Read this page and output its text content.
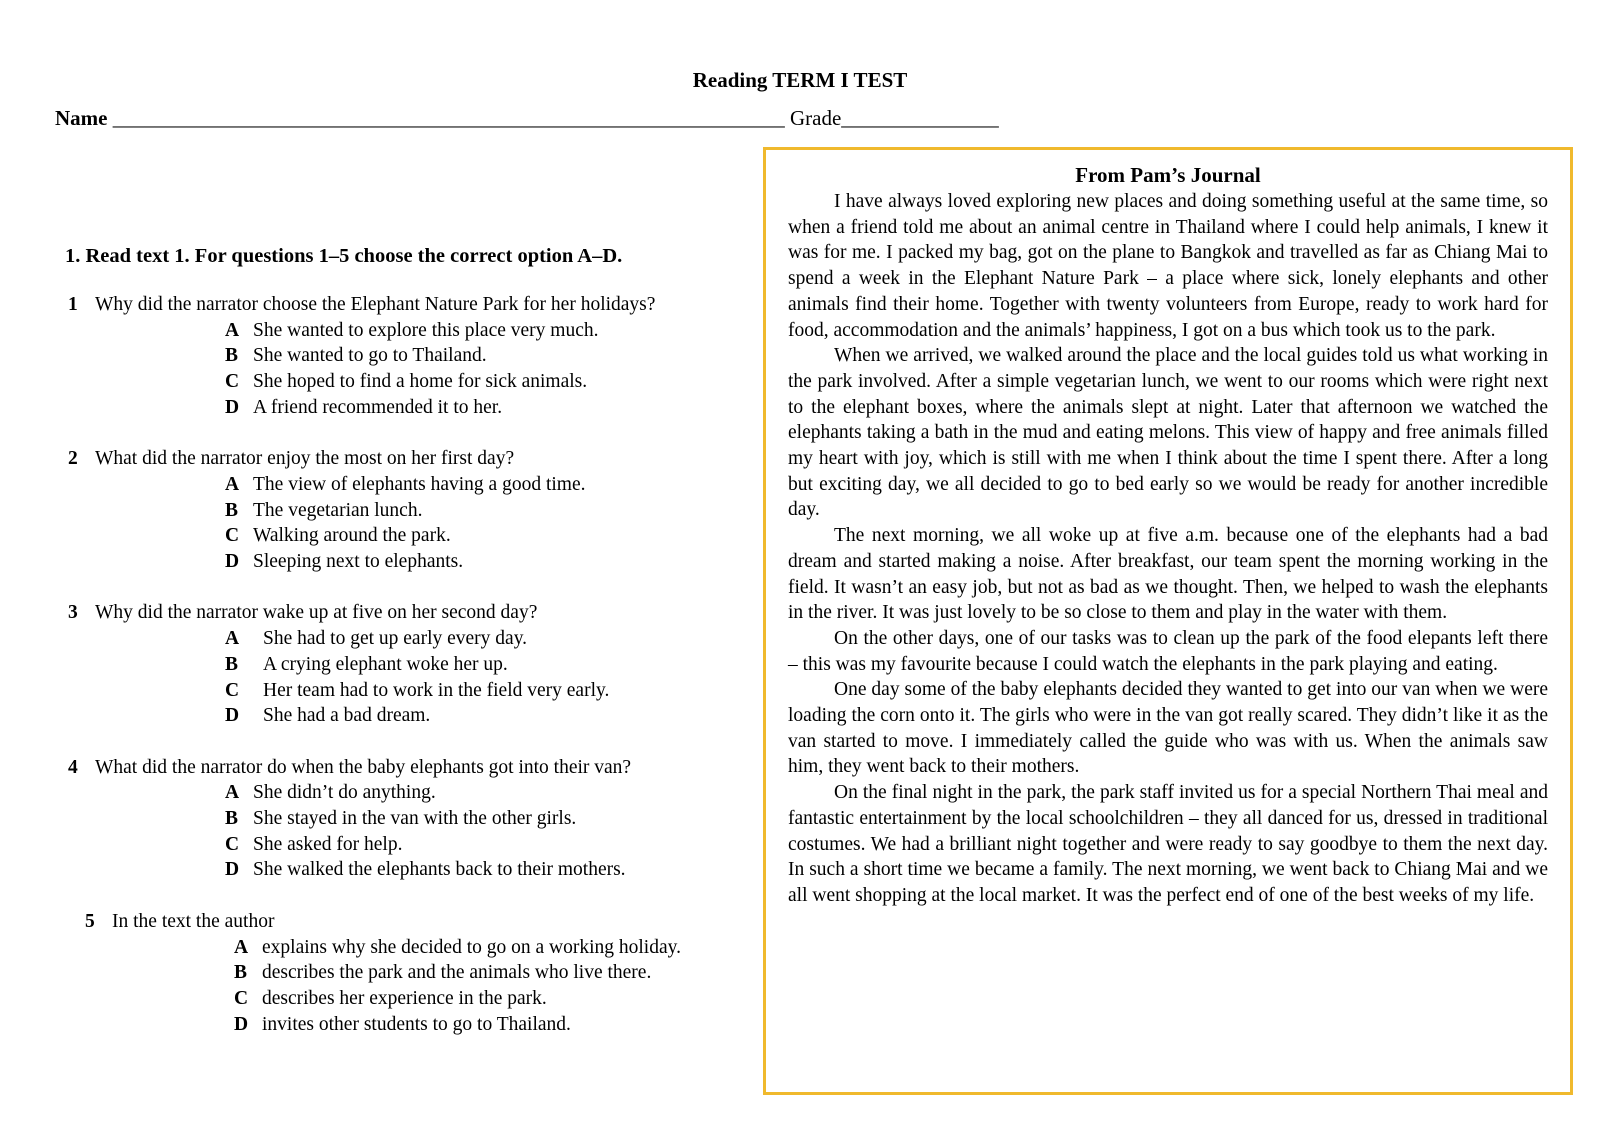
Reading TERM I TEST
Name ________________________________________________________________ Grade_______________
1. Read text 1. For questions 1–5 choose the correct option A–D.
1 Why did the narrator choose the Elephant Nature Park for her holidays?
A She wanted to explore this place very much.
B She wanted to go to Thailand.
C She hoped to find a home for sick animals.
D A friend recommended it to her.
2 What did the narrator enjoy the most on her first day?
A The view of elephants having a good time.
B The vegetarian lunch.
C Walking around the park.
D Sleeping next to elephants.
3 Why did the narrator wake up at five on her second day?
A	She had to get up early every day.
B	A crying elephant woke her up.
C	Her team had to work in the field very early.
D	She had a bad dream.
4 What did the narrator do when the baby elephants got into their van?
A She didn’t do anything.
B She stayed in the van with the other girls.
C She asked for help.
D She walked the elephants back to their mothers.
5 In the text the author
A explains why she decided to go on a working holiday.
B describes the park and the animals who live there.
C describes her experience in the park.
D invites other students to go to Thailand.
From Pam’s Journal

I have always loved exploring new places and doing something useful at the same time, so when a friend told me about an animal centre in Thailand where I could help animals, I knew it was for me. I packed my bag, got on the plane to Bangkok and travelled as far as Chiang Mai to spend a week in the Elephant Nature Park – a place where sick, lonely elephants and other animals find their home. Together with twenty volunteers from Europe, ready to work hard for food, accommodation and the animals’ happiness, I got on a bus which took us to the park.

When we arrived, we walked around the place and the local guides told us what working in the park involved. After a simple vegetarian lunch, we went to our rooms which were right next to the elephant boxes, where the animals slept at night. Later that afternoon we watched the elephants taking a bath in the mud and eating melons. This view of happy and free animals filled my heart with joy, which is still with me when I think about the time I spent there. After a long but exciting day, we all decided to go to bed early so we would be ready for another incredible day.

The next morning, we all woke up at five a.m. because one of the elephants had a bad dream and started making a noise. After breakfast, our team spent the morning working in the field. It wasn’t an easy job, but not as bad as we thought. Then, we helped to wash the elephants in the river. It was just lovely to be so close to them and play in the water with them.

On the other days, one of our tasks was to clean up the park of the food elepants left there – this was my favourite because I could watch the elephants in the park playing and eating.

One day some of the baby elephants decided they wanted to get into our van when we were loading the corn onto it. The girls who were in the van got really scared. They didn’t like it as the van started to move. I immediately called the guide who was with us. When the animals saw him, they went back to their mothers.

On the final night in the park, the park staff invited us for a special Northern Thai meal and fantastic entertainment by the local schoolchildren – they all danced for us, dressed in traditional costumes. We had a brilliant night together and were ready to say goodbye to them the next day. In such a short time we became a family. The next morning, we went back to Chiang Mai and we all went shopping at the local market. It was the perfect end of one of the best weeks of my life.
